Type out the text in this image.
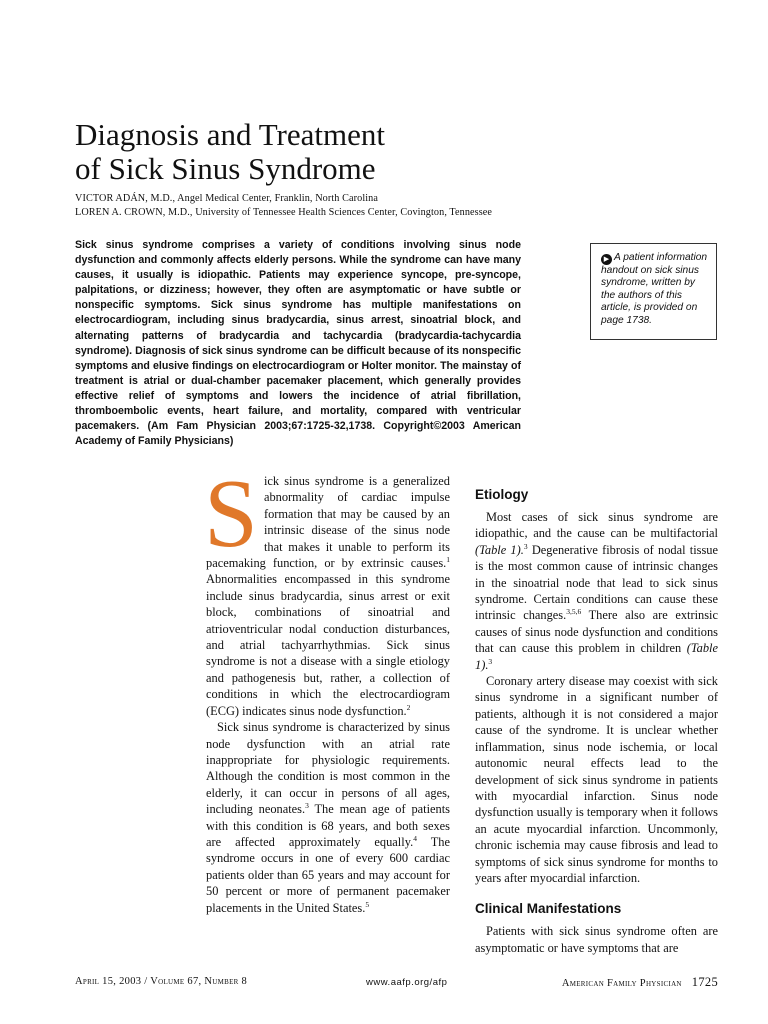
Diagnosis and Treatment
of Sick Sinus Syndrome
VICTOR ADÁN, M.D., Angel Medical Center, Franklin, North Carolina
LOREN A. CROWN, M.D., University of Tennessee Health Sciences Center, Covington, Tennessee

Sick sinus syndrome comprises a variety of conditions involving sinus node dysfunction and commonly affects elderly persons. While the syndrome can have many causes, it usually is idiopathic. Patients may experience syncope, pre-syncope, palpitations, or dizziness; however, they often are asymptomatic or have subtle or nonspecific symptoms. Sick sinus syndrome has multiple manifestations on electrocardiogram, including sinus bradycardia, sinus arrest, sinoatrial block, and alternating patterns of bradycardia and tachycardia (bradycardia-tachycardia syndrome). Diagnosis of sick sinus syndrome can be difficult because of its nonspecific symptoms and elusive findings on electrocardiogram or Holter monitor. The mainstay of treatment is atrial or dual-chamber pacemaker placement, which generally provides effective relief of symptoms and lowers the incidence of atrial fibrillation, thromboembolic events, heart failure, and mortality, compared with ventricular pacemakers. (Am Fam Physician 2003;67:1725-32,1738. Copyright©2003 American Academy of Family Physicians)

▶ A patient information handout on sick sinus syndrome, written by the authors of this article, is provided on page 1738.

Sick sinus syndrome is a generalized abnormality of cardiac impulse formation that may be caused by an intrinsic disease of the sinus node that makes it unable to perform its pacemaking function, or by extrinsic causes.$^1$ Abnormalities encompassed in this syndrome include sinus bradycardia, sinus arrest or exit block, combinations of sinoatrial and atrioventricular nodal conduction disturbances, and atrial tachyarrhythmias. Sick sinus syndrome is not a disease with a single etiology and pathogenesis but, rather, a collection of conditions in which the electrocardiogram (ECG) indicates sinus node dysfunction.$^2$

Sick sinus syndrome is characterized by sinus node dysfunction with an atrial rate inappropriate for physiologic requirements. Although the condition is most common in the elderly, it can occur in persons of all ages, including neonates.$^3$ The mean age of patients with this condition is 68 years, and both sexes are affected approximately equally.$^4$ The syndrome occurs in one of every 600 cardiac patients older than 65 years and may account for 50 percent or more of permanent pacemaker placements in the United States.$^5$

Etiology

Most cases of sick sinus syndrome are idiopathic, and the cause can be multifactorial (Table 1).$^3$ Degenerative fibrosis of nodal tissue is the most common cause of intrinsic changes in the sinoatrial node that lead to sick sinus syndrome. Certain conditions can cause these intrinsic changes.$^{3,5,6}$ There also are extrinsic causes of sinus node dysfunction and conditions that can cause this problem in children (Table 1).$^3$

Coronary artery disease may coexist with sick sinus syndrome in a significant number of patients, although it is not considered a major cause of the syndrome. It is unclear whether inflammation, sinus node ischemia, or local autonomic neural effects lead to the development of sick sinus syndrome in patients with myocardial infarction. Sinus node dysfunction usually is temporary when it follows an acute myocardial infarction. Uncommonly, chronic ischemia may cause fibrosis and lead to symptoms of sick sinus syndrome for months to years after myocardial infarction.

Clinical Manifestations

Patients with sick sinus syndrome often are asymptomatic or have symptoms that are

April 15, 2003 / Volume 67, Number 8	www.aafp.org/afp	American Family Physician 1725
